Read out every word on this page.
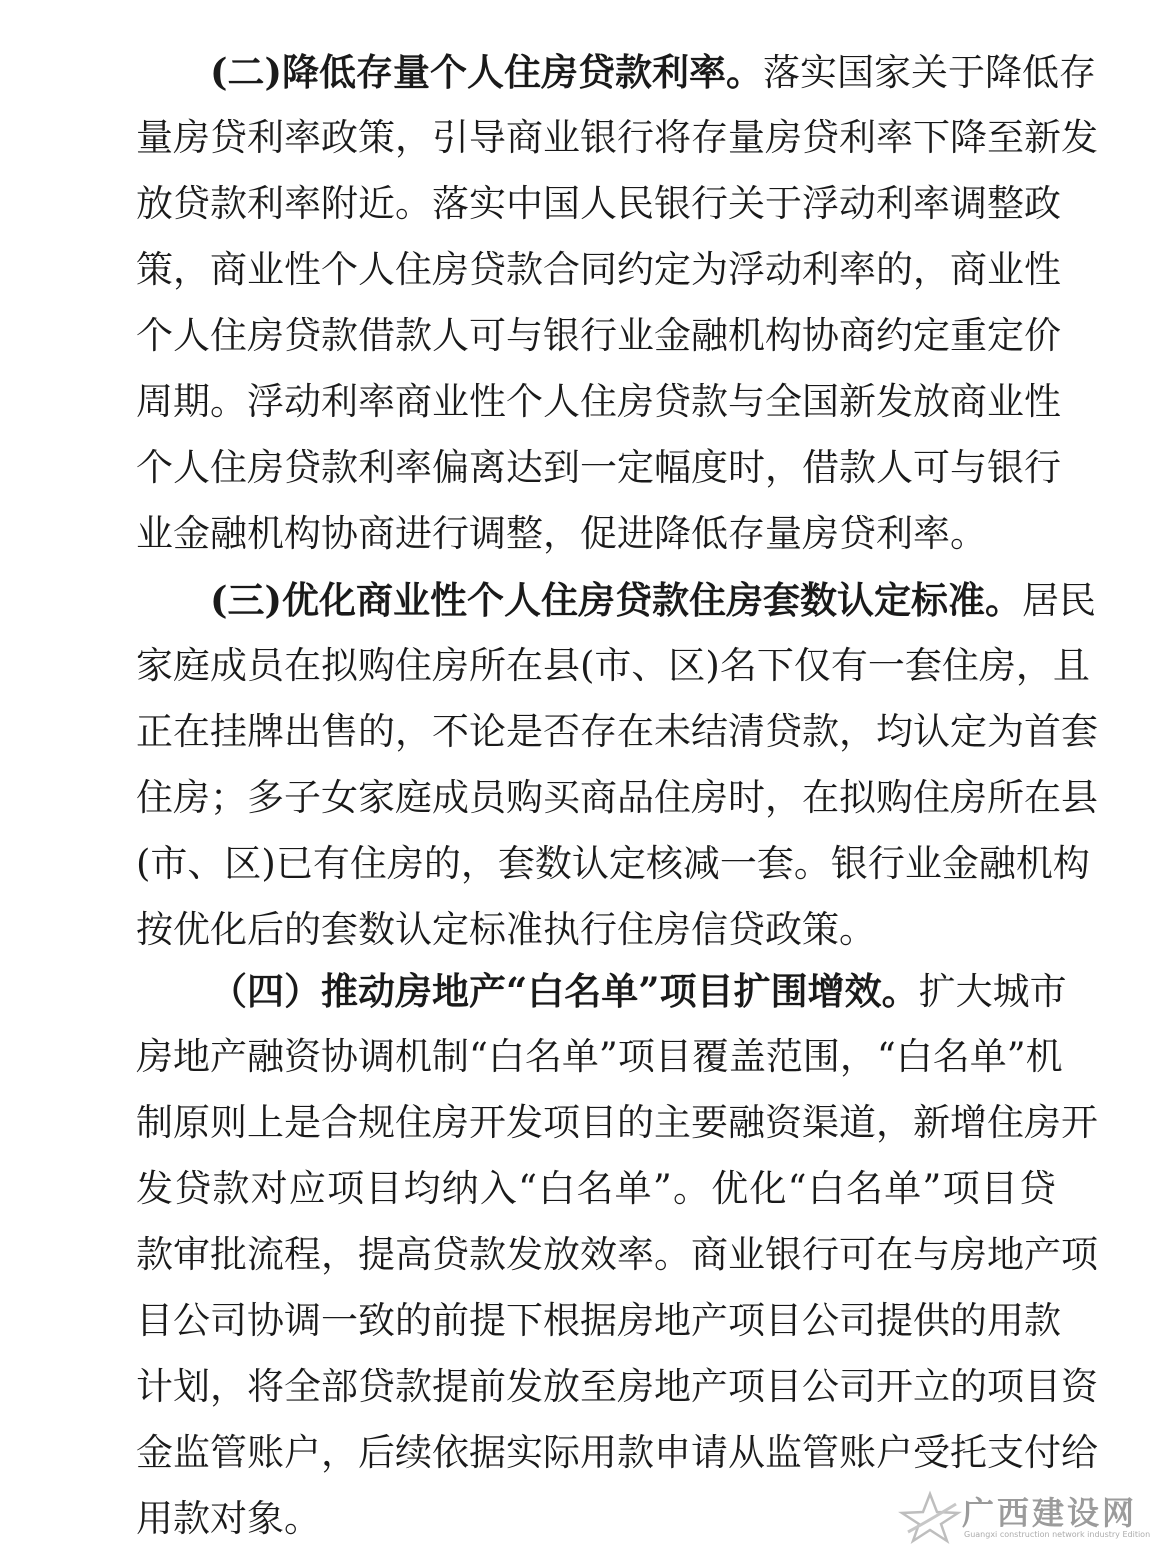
(二)降低存量个人住房贷款利率。落实国家关于降低存
量房贷利率政策，引导商业银行将存量房贷利率下降至新发
放贷款利率附近。落实中国人民银行关于浮动利率调整政
策，商业性个人住房贷款合同约定为浮动利率的，商业性
个人住房贷款借款人可与银行业金融机构协商约定重定价
周期。浮动利率商业性个人住房贷款与全国新发放商业性
个人住房贷款利率偏离达到一定幅度时，借款人可与银行
业金融机构协商进行调整，促进降低存量房贷利率。
(三)优化商业性个人住房贷款住房套数认定标准。居民
家庭成员在拟购住房所在县(市、区)名下仅有一套住房，且
正在挂牌出售的，不论是否存在未结清贷款，均认定为首套
住房；多子女家庭成员购买商品住房时，在拟购住房所在县
(市、区)已有住房的，套数认定核减一套。银行业金融机构
按优化后的套数认定标准执行住房信贷政策。
（四）推动房地产“白名单”项目扩围增效。扩大城市
房地产融资协调机制“白名单”项目覆盖范围，“白名单”机
制原则上是合规住房开发项目的主要融资渠道，新增住房开
发贷款对应项目均纳入“白名单”。优化“白名单”项目贷
款审批流程，提高贷款发放效率。商业银行可在与房地产项
目公司协调一致的前提下根据房地产项目公司提供的用款
计划，将全部贷款提前发放至房地产项目公司开立的项目资
金监管账户，后续依据实际用款申请从监管账户受托支付给
用款对象。	广西建设网
Guangxi construction network industry Edition
